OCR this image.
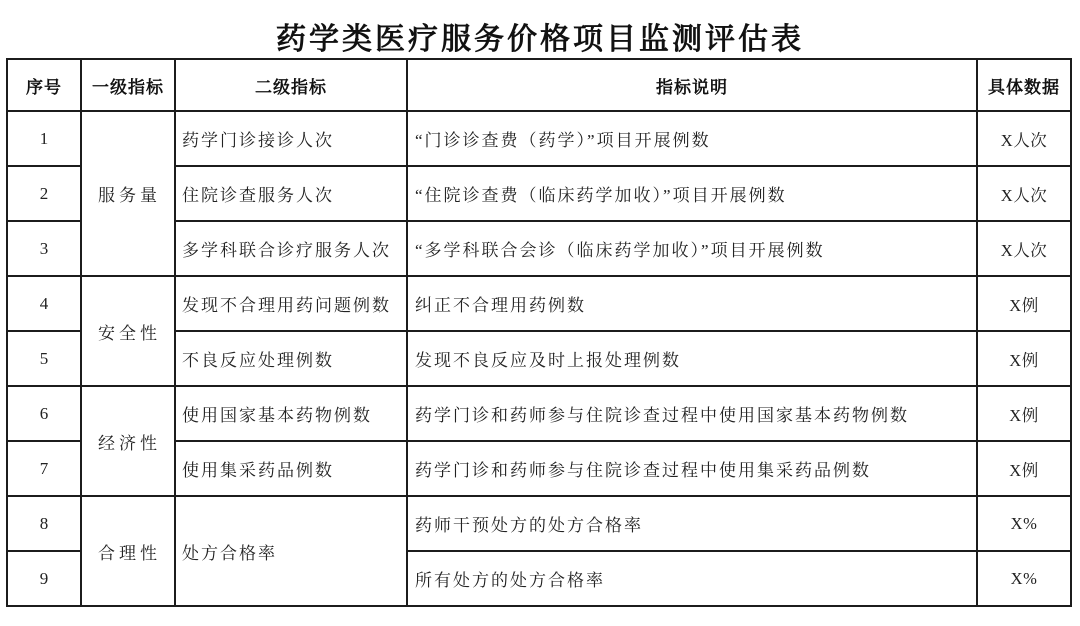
药学类医疗服务价格项目监测评估表
序号	一级指标	二级指标	指标说明	具体数据
1	服务量	药学门诊接诊人次	“门诊诊查费（药学）”项目开展例数	X人次
2		住院诊查服务人次	“住院诊查费（临床药学加收）”项目开展例数	X人次
3		多学科联合诊疗服务人次	“多学科联合会诊（临床药学加收）”项目开展例数	X人次
4	安全性	发现不合理用药问题例数	纠正不合理用药例数	X例
5		不良反应处理例数	发现不良反应及时上报处理例数	X例
6	经济性	使用国家基本药物例数	药学门诊和药师参与住院诊查过程中使用国家基本药物例数	X例
7		使用集采药品例数	药学门诊和药师参与住院诊查过程中使用集采药品例数	X例
8	合理性	处方合格率	药师干预处方的处方合格率	X%
9			所有处方的处方合格率	X%
